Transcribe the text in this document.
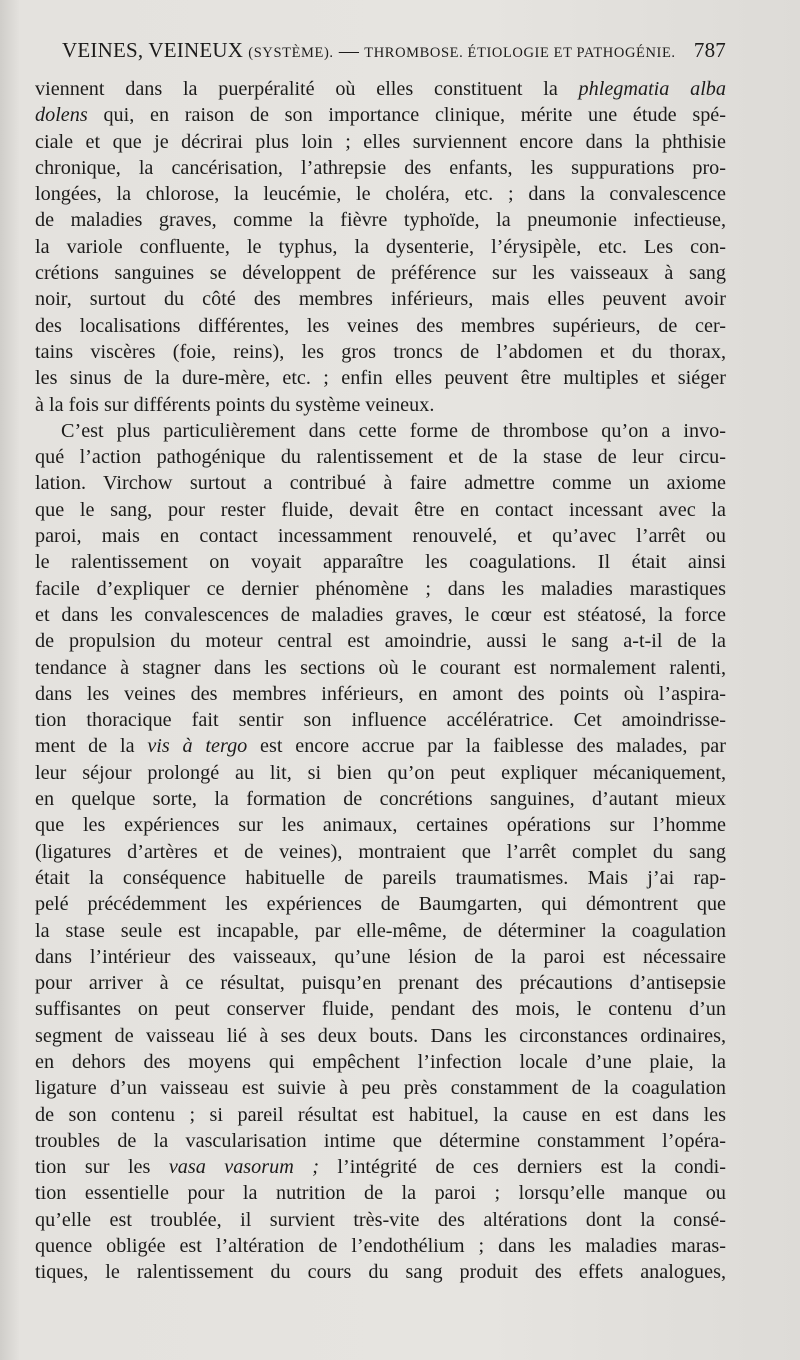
VEINES, VEINEUX (SYSTÈME). — THROMBOSE. ÉTIOLOGIE ET PATHOGÉNIE. 787
viennent dans la puerpéralité où elles constituent la phlegmatia alba
dolens qui, en raison de son importance clinique, mérite une étude spé-
ciale et que je décrirai plus loin ; elles surviennent encore dans la phthisie
chronique, la cancérisation, l’athrepsie des enfants, les suppurations pro-
longées, la chlorose, la leucémie, le choléra, etc. ; dans la convalescence
de maladies graves, comme la fièvre typhoïde, la pneumonie infectieuse,
la variole confluente, le typhus, la dysenterie, l’érysipèle, etc. Les con-
crétions sanguines se développent de préférence sur les vaisseaux à sang
noir, surtout du côté des membres inférieurs, mais elles peuvent avoir
des localisations différentes, les veines des membres supérieurs, de cer-
tains viscères (foie, reins), les gros troncs de l’abdomen et du thorax,
les sinus de la dure-mère, etc. ; enfin elles peuvent être multiples et siéger
à la fois sur différents points du système veineux.
C’est plus particulièrement dans cette forme de thrombose qu’on a invo-
qué l’action pathogénique du ralentissement et de la stase de leur circu-
lation. Virchow surtout a contribué à faire admettre comme un axiome
que le sang, pour rester fluide, devait être en contact incessant avec la
paroi, mais en contact incessamment renouvelé, et qu’avec l’arrêt ou
le ralentissement on voyait apparaître les coagulations. Il était ainsi
facile d’expliquer ce dernier phénomène ; dans les maladies marastiques
et dans les convalescences de maladies graves, le cœur est stéatosé, la force
de propulsion du moteur central est amoindrie, aussi le sang a-t-il de la
tendance à stagner dans les sections où le courant est normalement ralenti,
dans les veines des membres inférieurs, en amont des points où l’aspira-
tion thoracique fait sentir son influence accélératrice. Cet amoindrisse-
ment de la vis à tergo est encore accrue par la faiblesse des malades, par
leur séjour prolongé au lit, si bien qu’on peut expliquer mécaniquement,
en quelque sorte, la formation de concrétions sanguines, d’autant mieux
que les expériences sur les animaux, certaines opérations sur l’homme
(ligatures d’artères et de veines), montraient que l’arrêt complet du sang
était la conséquence habituelle de pareils traumatismes. Mais j’ai rap-
pelé précédemment les expériences de Baumgarten, qui démontrent que
la stase seule est incapable, par elle-même, de déterminer la coagulation
dans l’intérieur des vaisseaux, qu’une lésion de la paroi est nécessaire
pour arriver à ce résultat, puisqu’en prenant des précautions d’antisepsie
suffisantes on peut conserver fluide, pendant des mois, le contenu d’un
segment de vaisseau lié à ses deux bouts. Dans les circonstances ordinaires,
en dehors des moyens qui empêchent l’infection locale d’une plaie, la
ligature d’un vaisseau est suivie à peu près constamment de la coagulation
de son contenu ; si pareil résultat est habituel, la cause en est dans les
troubles de la vascularisation intime que détermine constamment l’opéra-
tion sur les vasa vasorum ; l’intégrité de ces derniers est la condi-
tion essentielle pour la nutrition de la paroi ; lorsqu’elle manque ou
qu’elle est troublée, il survient très-vite des altérations dont la consé-
quence obligée est l’altération de l’endothélium ; dans les maladies maras-
tiques, le ralentissement du cours du sang produit des effets analogues,
